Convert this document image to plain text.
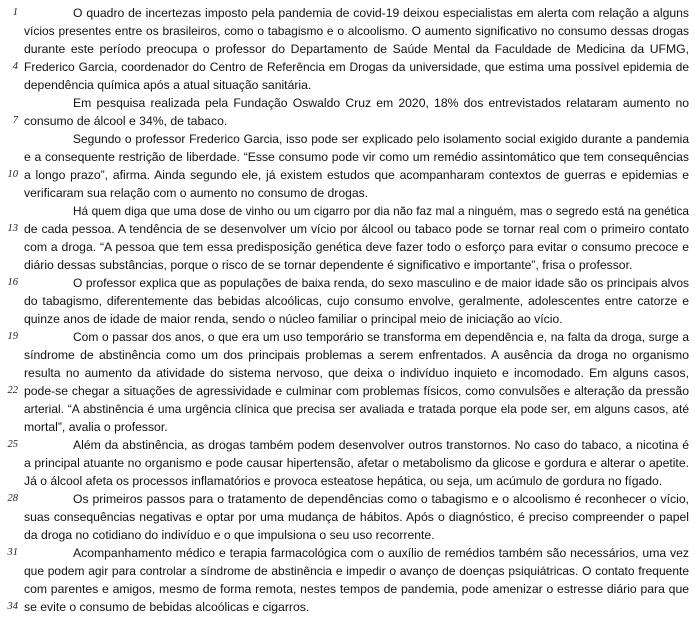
1	O quadro de incertezas imposto pela pandemia de covid-19 deixou especialistas em alerta com relação a alguns
vícios presentes entre os brasileiros, como o tabagismo e o alcoolismo. O aumento significativo no consumo dessas drogas
durante este período preocupa o professor do Departamento de Saúde Mental da Faculdade de Medicina da UFMG,
4 Frederico Garcia, coordenador do Centro de Referência em Drogas da universidade, que estima uma possível epidemia de
dependência química após a atual situação sanitária.
Em pesquisa realizada pela Fundação Oswaldo Cruz em 2020, 18% dos entrevistados relataram aumento no
7 consumo de álcool e 34%, de tabaco.
Segundo o professor Frederico Garcia, isso pode ser explicado pelo isolamento social exigido durante a pandemia
e a consequente restrição de liberdade. “Esse consumo pode vir como um remédio assintomático que tem consequências
10 a longo prazo”, afirma. Ainda segundo ele, já existem estudos que acompanharam contextos de guerras e epidemias e
verificaram sua relação com o aumento no consumo de drogas.
Há quem diga que uma dose de vinho ou um cigarro por dia não faz mal a ninguém, mas o segredo está na genética
13 de cada pessoa. A tendência de se desenvolver um vício por álcool ou tabaco pode se tornar real com o primeiro contato
com a droga. “A pessoa que tem essa predisposição genética deve fazer todo o esforço para evitar o consumo precoce e
diário dessas substâncias, porque o risco de se tornar dependente é significativo e importante”, frisa o professor.
16	O professor explica que as populações de baixa renda, do sexo masculino e de maior idade são os principais alvos
do tabagismo, diferentemente das bebidas alcoólicas, cujo consumo envolve, geralmente, adolescentes entre catorze e
quinze anos de idade de maior renda, sendo o núcleo familiar o principal meio de iniciação ao vício.
19	Com o passar dos anos, o que era um uso temporário se transforma em dependência e, na falta da droga, surge a
síndrome de abstinência como um dos principais problemas a serem enfrentados. A ausência da droga no organismo
resulta no aumento da atividade do sistema nervoso, que deixa o indivíduo inquieto e incomodado. Em alguns casos,
22 pode-se chegar a situações de agressividade e culminar com problemas físicos, como convulsões e alteração da pressão
arterial. “A abstinência é uma urgência clínica que precisa ser avaliada e tratada porque ela pode ser, em alguns casos, até
mortal”, avalia o professor.
25	Além da abstinência, as drogas também podem desenvolver outros transtornos. No caso do tabaco, a nicotina é
a principal atuante no organismo e pode causar hipertensão, afetar o metabolismo da glicose e gordura e alterar o apetite.
Já o álcool afeta os processos inflamatórios e provoca esteatose hepática, ou seja, um acúmulo de gordura no fígado.
28	Os primeiros passos para o tratamento de dependências como o tabagismo e o alcoolismo é reconhecer o vício,
suas consequências negativas e optar por uma mudança de hábitos. Após o diagnóstico, é preciso compreender o papel
da droga no cotidiano do indivíduo e o que impulsiona o seu uso recorrente.
31	Acompanhamento médico e terapia farmacológica com o auxílio de remédios também são necessários, uma vez
que podem agir para controlar a síndrome de abstinência e impedir o avanço de doenças psiquiátricas. O contato frequente
com parentes e amigos, mesmo de forma remota, nestes tempos de pandemia, pode amenizar o estresse diário para que
34 se evite o consumo de bebidas alcoólicas e cigarros.
